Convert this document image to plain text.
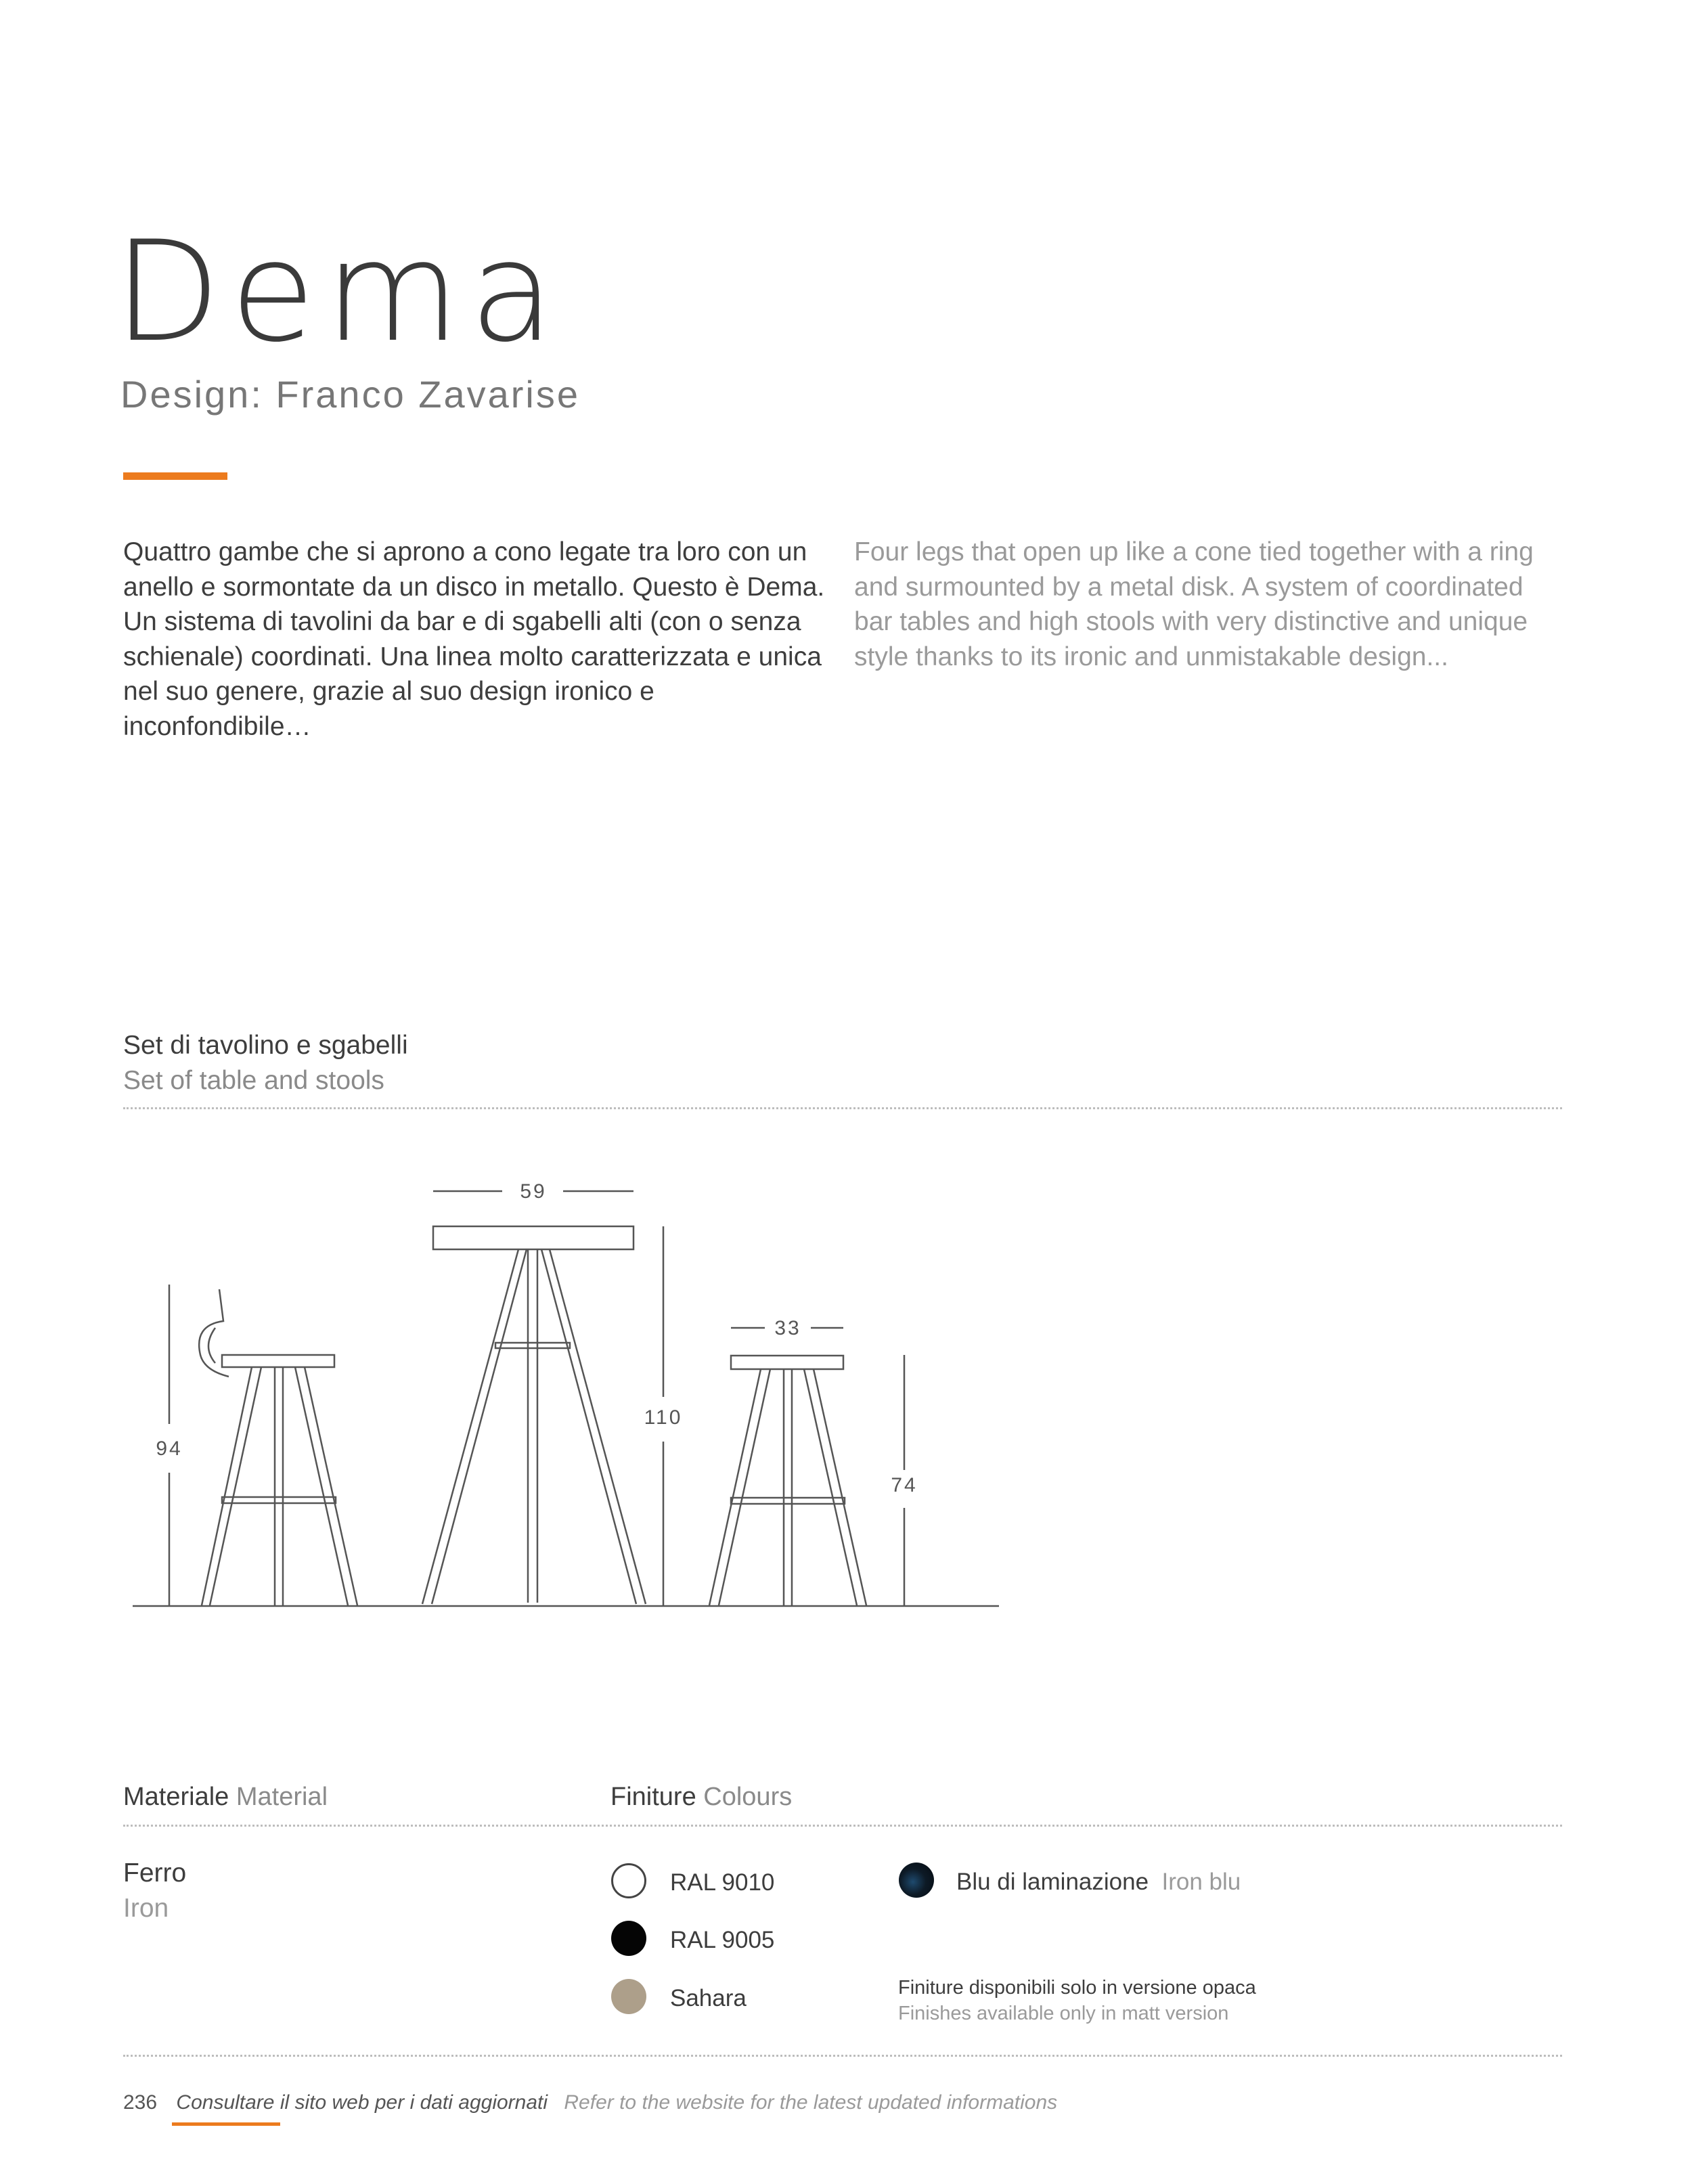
Dema
Design: Franco Zavarise
Quattro gambe che si aprono a cono legate tra loro con un anello e sormontate da un disco in metallo. Questo è Dema. Un sistema di tavolini da bar e di sgabelli alti (con o senza schienale) coordinati. Una linea molto caratterizzata e unica nel suo genere, grazie al suo design ironico e inconfondibile…
Four legs that open up like a cone tied together with a ring and surmounted by a metal disk. A system of coordinated bar tables and high stools with very distinctive and unique style thanks to its ironic and unmistakable design...
Set di tavolino e sgabelli
Set of table and stools
94
59
110
33
74
Materiale Material	Finiture Colours
Ferro
Iron
RAL 9010
RAL 9005
Sahara
Blu di laminazione Iron blu
Finiture disponibili solo in versione opaca
Finishes available only in matt version
236 Consultare il sito web per i dati aggiornati Refer to the website for the latest updated informations
